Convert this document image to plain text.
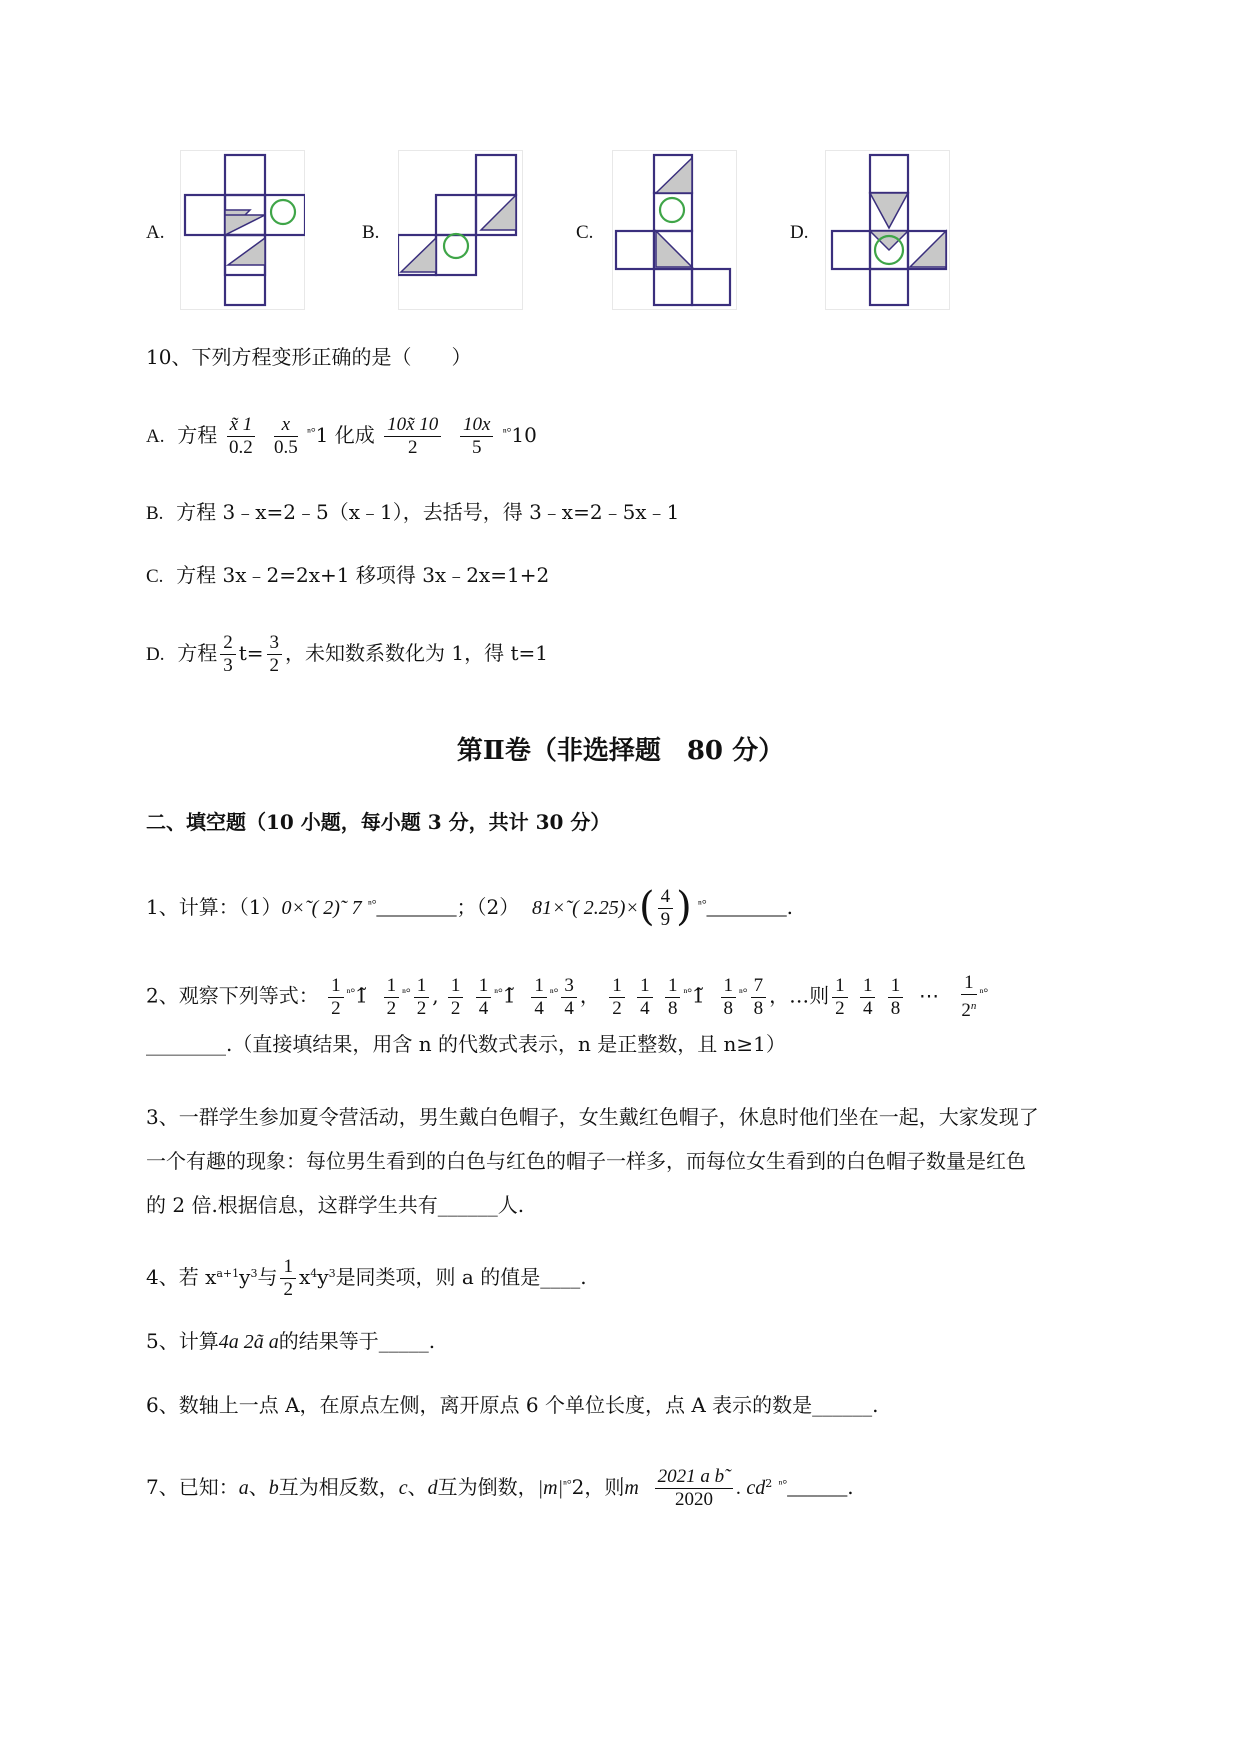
A.	B.	C.	D.
10、下列方程变形正确的是（　　）
A. 方程 $\frac{x̃ 1}{0.2}$
$\frac{x}{0.5} ^{^n^\circ}1$ 化成 $\frac{10x̃ 10}{2}$
$\frac{10x}{5} ^{^n^\circ}10$
B. 方程 3﹣x=2﹣5（x﹣1），去括号，得 3﹣x=2﹣5x﹣1
C. 方程 3x﹣2=2x+1 移项得 3x﹣2x=1+2
D. 方程 $\frac{2}{3} t= \frac{3}{2}$ ，未知数系数化为 1，得 t=1
第Ⅱ卷（非选择题　80 分）
二、填空题（10 小题，每小题 3 分，共计 30 分）
1、计算：（1）0×˜( 2)˜ 7 $^{^n^\circ}$________；（2） 81×˜( $2.25)\times( \frac{4}{9}$ ) $^{^n^\circ}$________.
2、观察下列等式： $\frac{1}{2}$ $^{^n^\circ}$1̃ $\frac{1}{2} ^{^n^\circ} \frac{1}{2}$ , $\frac{1}{2}$
$\frac{1}{4}$ $^{^n^\circ}$1̃ $\frac{1}{4} ^{^n^\circ} \frac{3}{4}$ ， $\frac{1}{2}$
$\frac{1}{4}$
$\frac{1}{8}$ $^{^n^\circ}$1̃ $\frac{1}{8} ^{^n^\circ} \frac{7}{8}$ ，…则 $\frac{1}{2}$
$\frac{1}{4}$
$\frac{1}{8}$ ⋯ $\frac{1}{2^n} ^{^n^\circ}$
________.（直接填结果，用含 n 的代数式表示，n 是正整数，且 n≥1）
3、一群学生参加夏令营活动，男生戴白色帽子，女生戴红色帽子，休息时他们坐在一起，大家发现了
一个有趣的现象：每位男生看到的白色与红色的帽子一样多，而每位女生看到的白色帽子数量是红色
的 2 倍.根据信息，这群学生共有______人.
4、若 $x^{a+1}y^3$与 $\frac{1}{2} x^4y^3$是同类项，则 a 的值是____.
5、计算4a 2ã a的结果等于_____.
6、数轴上一点 A，在原点左侧，离开原点 6 个单位长度，点 A 表示的数是______.
7、已知：a、b互为相反数，c、d互为倒数，$|m|^{^n^\circ}2$，则m $\frac{\text{2021 a b˜}}{2020}$ . $cd^2$ $^{^n^\circ}$______.
